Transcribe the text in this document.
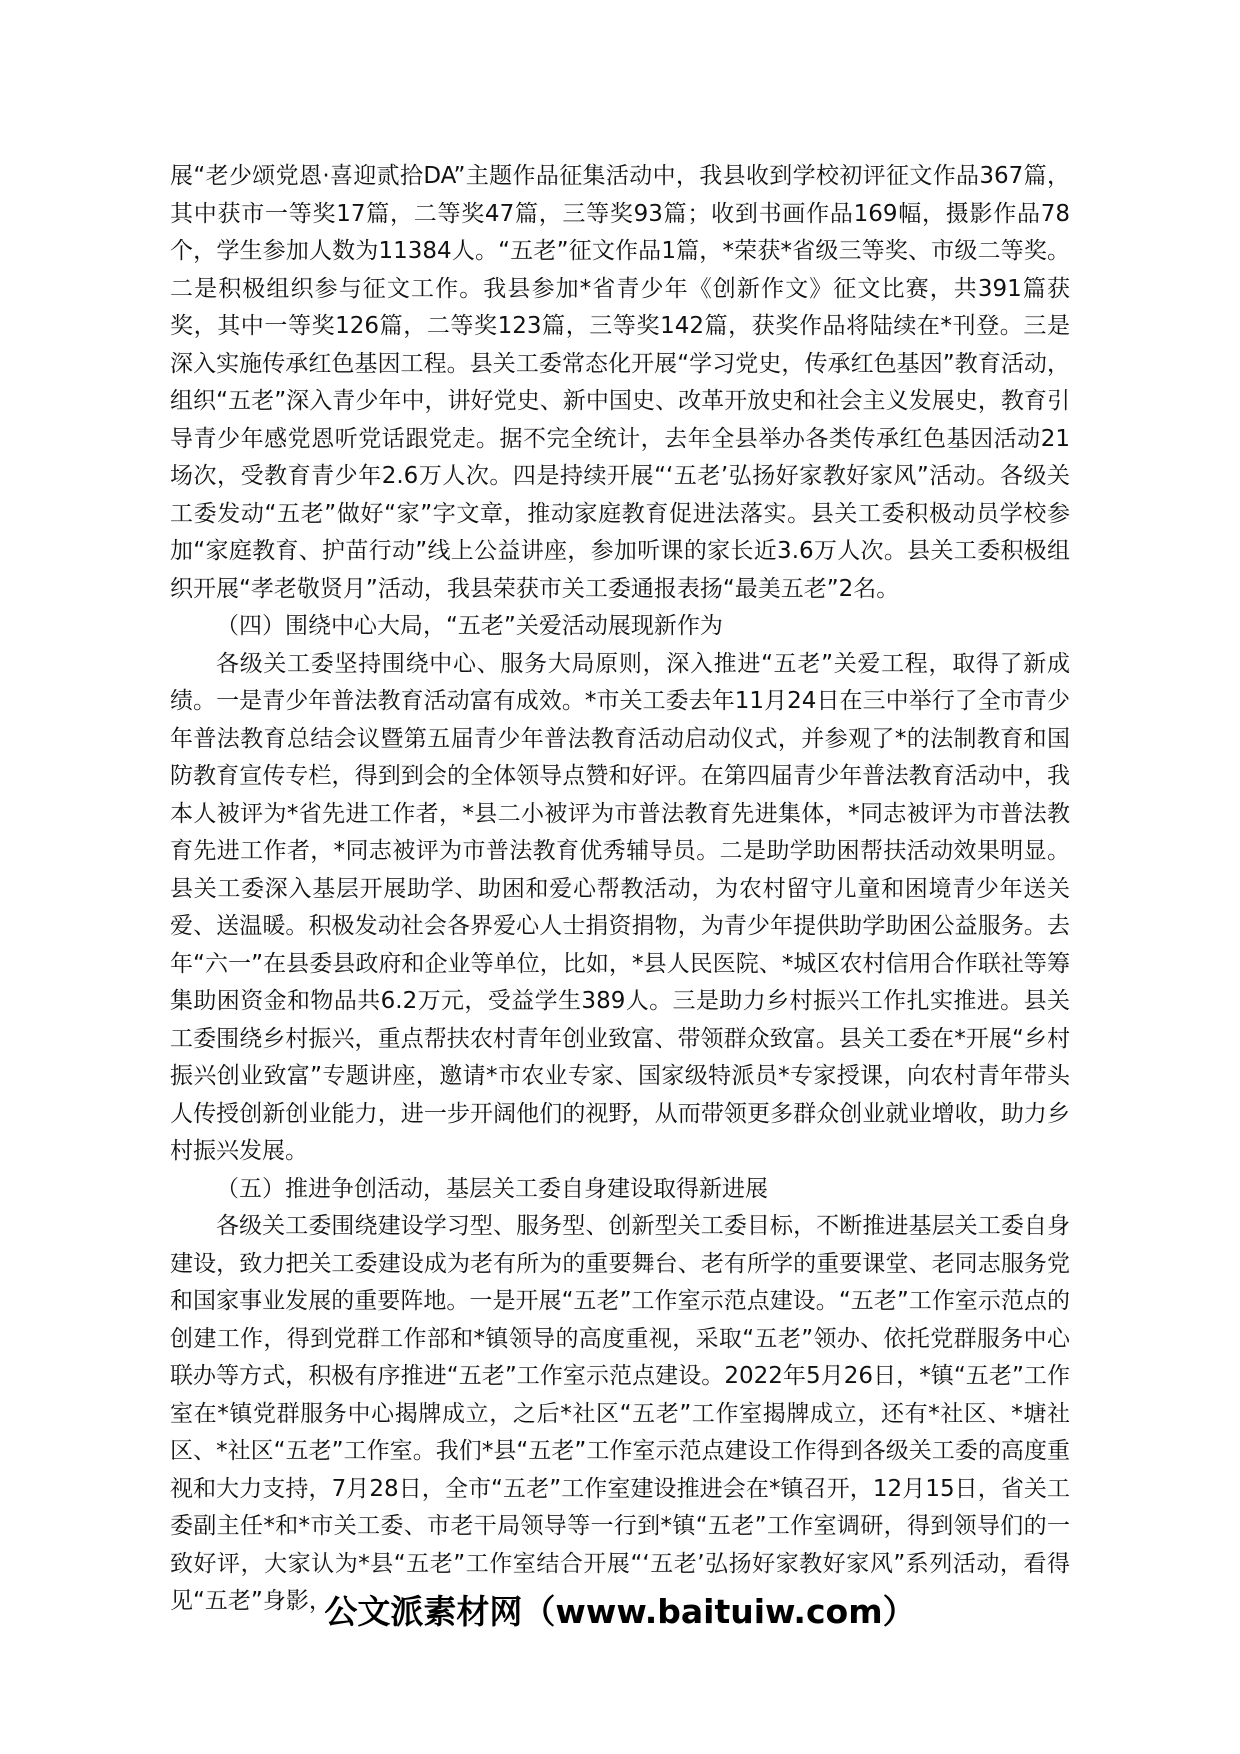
展“老少颂党恩·喜迎贰拾DA”主题作品征集活动中，我县收到学校初评征文作品367篇，其中获市一等奖17篇，二等奖47篇，三等奖93篇；收到书画作品169幅，摄影作品78个，学生参加人数为11384人。“五老”征文作品1篇，*荣获*省级三等奖、市级二等奖。二是积极组织参与征文工作。我县参加*省青少年《创新作文》征文比赛，共391篇获奖，其中一等奖126篇，二等奖123篇，三等奖142篇，获奖作品将陆续在*刊登。三是深入实施传承红色基因工程。县关工委常态化开展“学习党史，传承红色基因”教育活动，组织“五老”深入青少年中，讲好党史、新中国史、改革开放史和社会主义发展史，教育引导青少年感党恩听党话跟党走。据不完全统计，去年全县举办各类传承红色基因活动21场次，受教育青少年2.6万人次。四是持续开展“‘五老’弘扬好家教好家风”活动。各级关工委发动“五老”做好“家”字文章，推动家庭教育促进法落实。县关工委积极动员学校参加“家庭教育、护苗行动”线上公益讲座，参加听课的家长近3.6万人次。县关工委积极组织开展“孝老敬贤月”活动，我县荣获市关工委通报表扬“最美五老”2名。

（四）围绕中心大局，“五老”关爱活动展现新作为

各级关工委坚持围绕中心、服务大局原则，深入推进“五老”关爱工程，取得了新成绩。一是青少年普法教育活动富有成效。*市关工委去年11月24日在三中举行了全市青少年普法教育总结会议暨第五届青少年普法教育活动启动仪式，并参观了*的法制教育和国防教育宣传专栏，得到到会的全体领导点赞和好评。在第四届青少年普法教育活动中，我本人被评为*省先进工作者，*县二小被评为市普法教育先进集体，*同志被评为市普法教育先进工作者，*同志被评为市普法教育优秀辅导员。二是助学助困帮扶活动效果明显。县关工委深入基层开展助学、助困和爱心帮教活动，为农村留守儿童和困境青少年送关爱、送温暖。积极发动社会各界爱心人士捐资捐物，为青少年提供助学助困公益服务。去年“六一”在县委县政府和企业等单位，比如，*县人民医院、*城区农村信用合作联社等筹集助困资金和物品共6.2万元，受益学生389人。三是助力乡村振兴工作扎实推进。县关工委围绕乡村振兴，重点帮扶农村青年创业致富、带领群众致富。县关工委在*开展“乡村振兴创业致富”专题讲座，邀请*市农业专家、国家级特派员*专家授课，向农村青年带头人传授创新创业能力，进一步开阔他们的视野，从而带领更多群众创业就业增收，助力乡村振兴发展。

（五）推进争创活动，基层关工委自身建设取得新进展

各级关工委围绕建设学习型、服务型、创新型关工委目标，不断推进基层关工委自身建设，致力把关工委建设成为老有所为的重要舞台、老有所学的重要课堂、老同志服务党和国家事业发展的重要阵地。一是开展“五老”工作室示范点建设。“五老”工作室示范点的创建工作，得到党群工作部和*镇领导的高度重视，采取“五老”领办、依托党群服务中心联办等方式，积极有序推进“五老”工作室示范点建设。2022年5月26日，*镇“五老”工作室在*镇党群服务中心揭牌成立，之后*社区“五老”工作室揭牌成立，还有*社区、*塘社区、*社区“五老”工作室。我们*县“五老”工作室示范点建设工作得到各级关工委的高度重视和大力支持，7月28日，全市“五老”工作室建设推进会在*镇召开，12月15日，省关工委副主任*和*市关工委、市老干局领导等一行到*镇“五老”工作室调研，得到领导们的一致好评，大家认为*县“五老”工作室结合开展“‘五老’弘扬好家教好家风”系列活动，看得见“五老”身影，

公文派素材网（www.baituiw.com）
